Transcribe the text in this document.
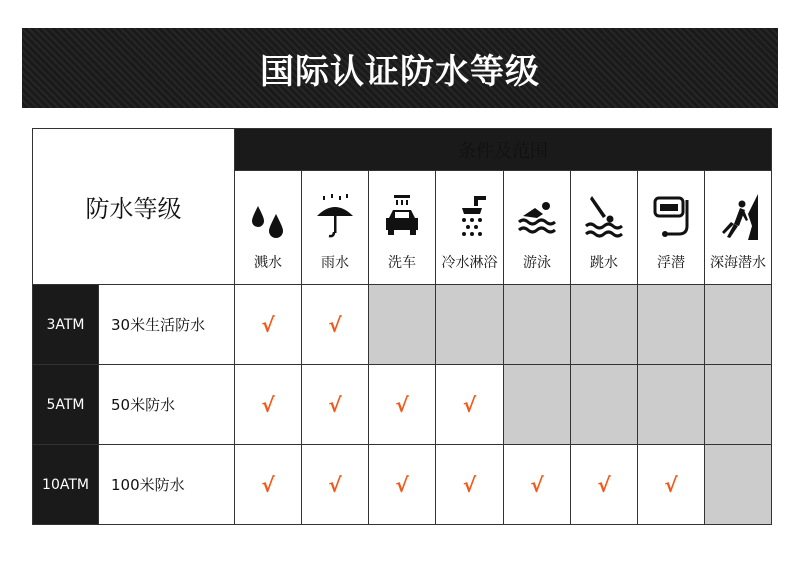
国际认证防水等级
防水等级		条件及范围							

		溅水	雨水	洗车	冷水淋浴	游泳	跳水	浮潜	深海潜水

3ATM	30米生活防水	√	√						
5ATM	50米防水	√	√	√	√				
10ATM	100米防水	√	√	√	√	√	√	√	
